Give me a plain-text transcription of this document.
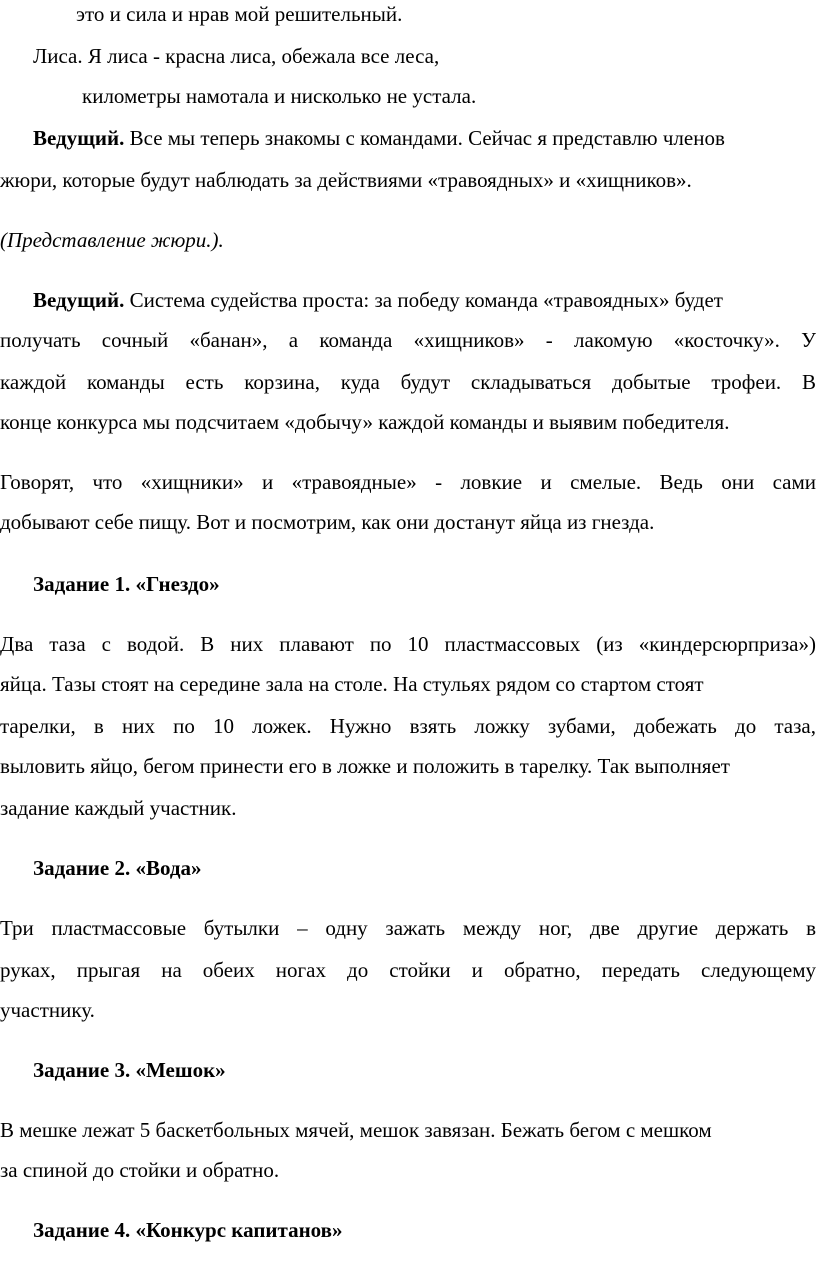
это и сила и нрав мой решительный.
Лиса. Я лиса - красна лиса, обежала все леса,
километры намотала и нисколько не устала.
Ведущий. Все мы теперь знакомы с командами. Сейчас я представлю членов
жюри, которые будут наблюдать за действиями «травоядных» и «хищников».
(Представление жюри.).
Ведущий. Система судейства проста: за победу команда «травоядных» будет
получать сочный «банан», а команда «хищников» - лакомую «косточку». У
каждой команды есть корзина, куда будут складываться добытые трофеи. В
конце конкурса мы подсчитаем «добычу» каждой команды и выявим победителя.
Говорят, что «хищники» и «травоядные» - ловкие и смелые. Ведь они сами
добывают себе пищу. Вот и посмотрим, как они достанут яйца из гнезда.
Задание 1. «Гнездо»
Два таза с водой. В них плавают по 10 пластмассовых (из «киндерсюрприза»)
яйца. Тазы стоят на середине зала на столе. На стульях рядом со стартом стоят
тарелки, в них по 10 ложек. Нужно взять ложку зубами, добежать до таза,
выловить яйцо, бегом принести его в ложке и положить в тарелку. Так выполняет
задание каждый участник.
Задание 2. «Вода»
Три пластмассовые бутылки – одну зажать между ног, две другие держать в
руках, прыгая на обеих ногах до стойки и обратно, передать следующему
участнику.
Задание 3. «Мешок»
В мешке лежат 5 баскетбольных мячей, мешок завязан. Бежать бегом с мешком
за спиной до стойки и обратно.
Задание 4. «Конкурс капитанов»
